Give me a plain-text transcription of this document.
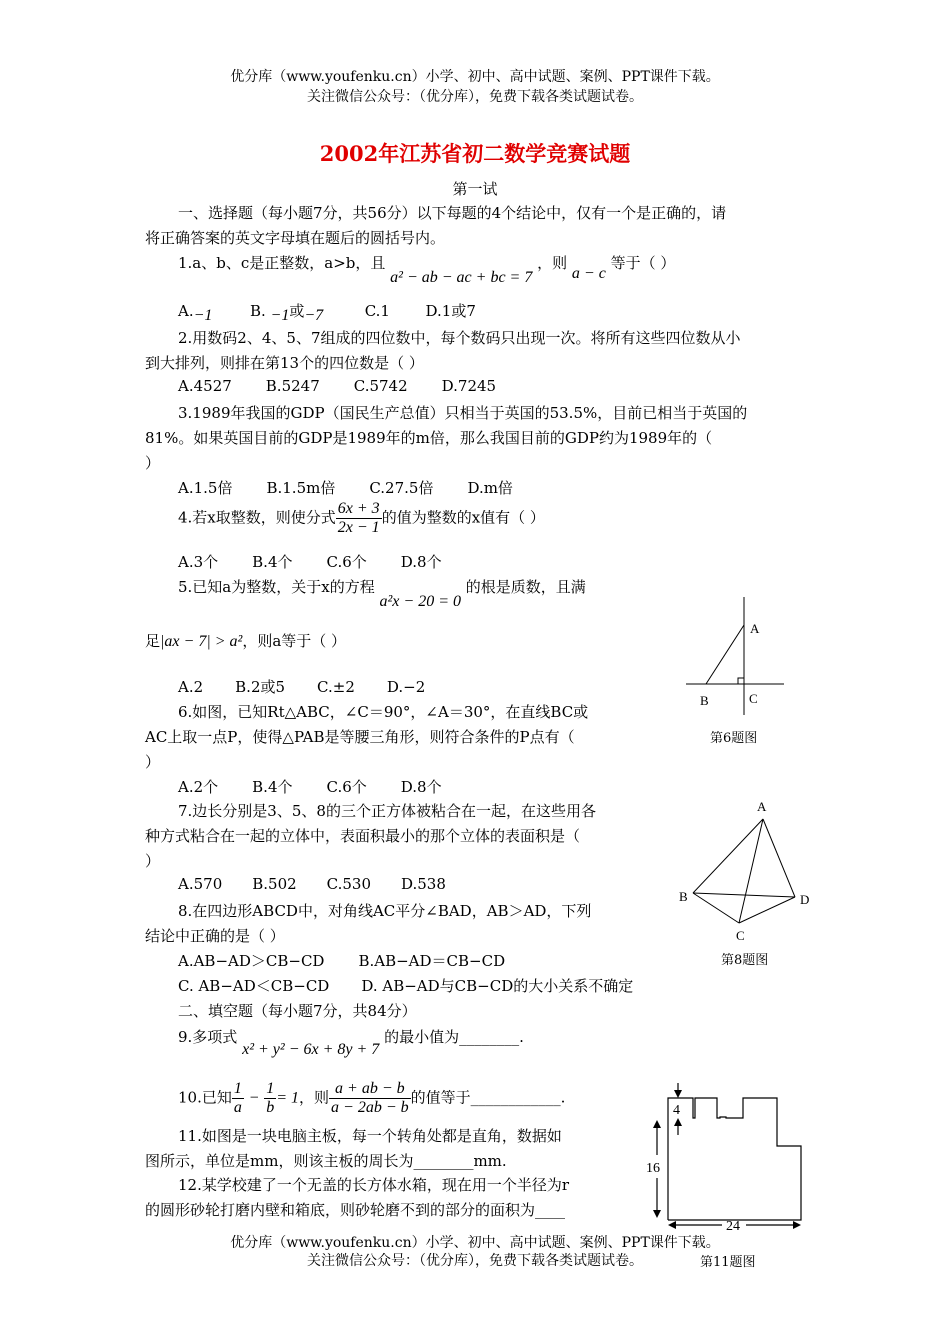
优分库（www.youfenku.cn）小学、初中、高中试题、案例、PPT课件下载。
关注微信公众号：（优分库），免费下载各类试题试卷。
2002年江苏省初二数学竞赛试题
第一试
一、选择题（每小题7分，共56分）以下每题的4个结论中，仅有一个是正确的，请
将正确答案的英文字母填在题后的圆括号内。
1.a、b、c是正整数，a>b，且 a² − ab − ac + bc = 7 ，则 a − c 等于（ ）
A.−1	B. −1或−7	C.1 D.1或7
2.用数码2、4、5、7组成的四位数中，每个数码只出现一次。将所有这些四位数从小
到大排列，则排在第13个的四位数是（ ）
A.4527 B.5247 C.5742 D.7245
3.1989年我国的GDP（国民生产总值）只相当于英国的53.5%，目前已相当于英国的
81%。如果英国目前的GDP是1989年的m倍，那么我国目前的GDP约为1989年的（
）
A.1.5倍 B.1.5m倍 C.27.5倍 D.m倍
4.若x取整数，则使分式 $\frac{6x + 3}{2x - 1}$ 的值为整数的x值有（ ）
A.3个 B.4个 C.6个 D.8个
5.已知a为整数，关于x的方程 a²x − 20 = 0 的根是质数，且满
足|ax − 7| > a²，则a等于（ ）
A.2 B.2或5 C.±2 D.−2
6.如图，已知Rt△ABC，∠C＝90°，∠A＝30°，在直线BC或
AC上取一点P，使得△PAB是等腰三角形，则符合条件的P点有（
）
A.2个 B.4个 C.6个 D.8个
7.边长分别是3、5、8的三个正方体被粘合在一起，在这些用各
种方式粘合在一起的立体中，表面积最小的那个立体的表面积是（
）
A.570 B.502 C.530 D.538
8.在四边形ABCD中，对角线AC平分∠BAD，AB＞AD，下列
结论中正确的是（ ）
A.AB−AD＞CB−CD B.AB−AD＝CB−CD
C. AB−AD＜CB−CD D. AB−AD与CB−CD的大小关系不确定
二、填空题（每小题7分，共84分）
9.多项式 x² + y² − 6x + 8y + 7 的最小值为________.
10.已知 $\frac{1}{a} - \frac{1}{b} = 1$，则 $\frac{a + ab - b}{a - 2ab - b}$ 的值等于____________.
11.如图是一块电脑主板，每一个转角处都是直角，数据如
图所示，单位是mm，则该主板的周长为________mm.
12.某学校建了一个无盖的长方体水箱，现在用一个半径为r
的圆形砂轮打磨内壁和箱底，则砂轮磨不到的部分的面积为____
A
B	C
第6题图
A
B
C
D
第8题图
4
16
24
第11题图
优分库（www.youfenku.cn）小学、初中、高中试题、案例、PPT课件下载。
关注微信公众号：（优分库），免费下载各类试题试卷。
